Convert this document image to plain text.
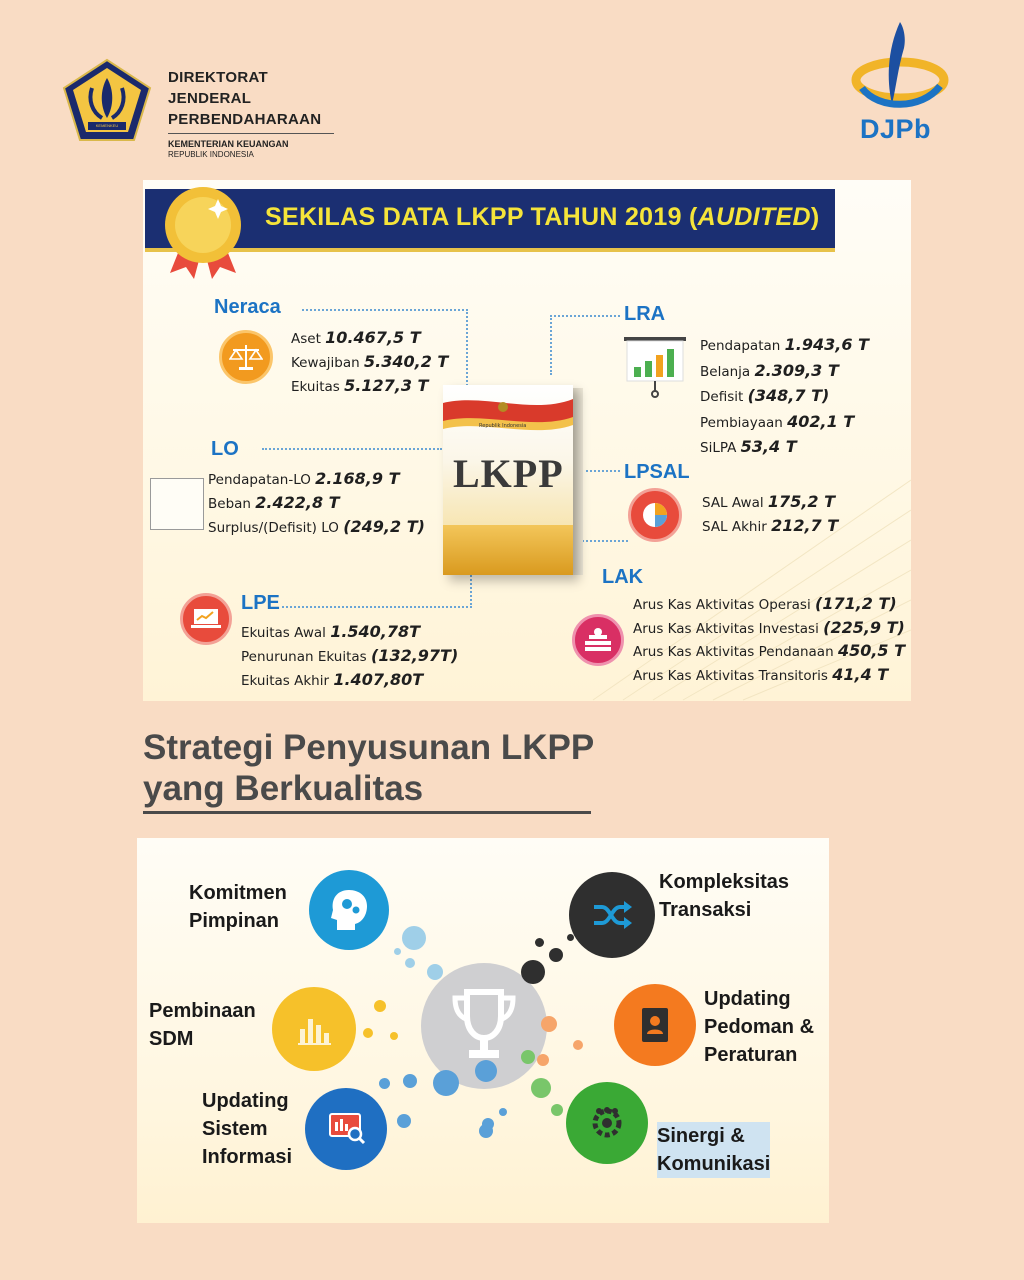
KEMENKEU
DIREKTORAT JENDERAL
PERBENDAHARAAN
KEMENTERIAN KEUANGAN
REPUBLIK INDONESIA
DJPb
SEKILAS DATA LKPP TAHUN 2019 (AUDITED)
Neraca
Aset 10.467,5 T
Kewajiban 5.340,2 T
Ekuitas 5.127,3 T
LO
Pendapatan-LO 2.168,9 T
Beban 2.422,8 T
Surplus/(Defisit) LO (249,2 T)
LPE
Ekuitas Awal 1.540,78T
Penurunan Ekuitas (132,97T)
Ekuitas Akhir 1.407,80T
Republik Indonesia
LKPP
LRA
Pendapatan 1.943,6 T
Belanja 2.309,3 T
Defisit (348,7 T)
Pembiayaan 402,1 T
SiLPA 53,4 T
LPSAL
SAL Awal 175,2 T
SAL Akhir 212,7 T
LAK
Arus Kas Aktivitas Operasi (171,2 T)
Arus Kas Aktivitas Investasi (225,9 T)
Arus Kas Aktivitas Pendanaan 450,5 T
Arus Kas Aktivitas Transitoris 41,4 T
Strategi Penyusunan LKPP
yang Berkualitas
Komitmen
Pimpinan
Pembinaan
SDM
Updating
Sistem
Informasi
Kompleksitas
Transaksi
Updating
Pedoman &
Peraturan
Sinergi &
Komunikasi
